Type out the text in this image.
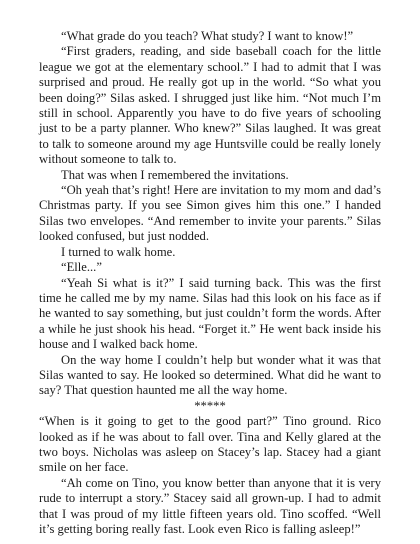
“What grade do you teach? What study? I want to know!”

“First graders, reading, and side baseball coach for the little league we got at the elementary school.” I had to admit that I was surprised and proud. He really got up in the world. “So what you been doing?” Silas asked. I shrugged just like him. “Not much I’m still in school. Apparently you have to do five years of schooling just to be a party planner. Who knew?” Silas laughed. It was great to talk to someone around my age Huntsville could be really lonely without someone to talk to.

That was when I remembered the invitations.

“Oh yeah that’s right! Here are invitation to my mom and dad’s Christmas party. If you see Simon gives him this one.” I handed Silas two envelopes. “And remember to invite your parents.” Silas looked confused, but just nodded.

I turned to walk home.

“Elle...”

“Yeah Si what is it?” I said turning back. This was the first time he called me by my name. Silas had this look on his face as if he wanted to say something, but just couldn’t form the words. After a while he just shook his head. “Forget it.” He went back inside his house and I walked back home.

On the way home I couldn’t help but wonder what it was that Silas wanted to say. He looked so determined. What did he want to say? That question haunted me all the way home.

*****

“When is it going to get to the good part?” Tino ground. Rico looked as if he was about to fall over. Tina and Kelly glared at the two boys. Nicholas was asleep on Stacey’s lap. Stacey had a giant smile on her face.

“Ah come on Tino, you know better than anyone that it is very rude to interrupt a story.” Stacey said all grown-up. I had to admit that I was proud of my little fifteen years old. Tino scoffed. “Well it’s getting boring really fast. Look even Rico is falling asleep!”
